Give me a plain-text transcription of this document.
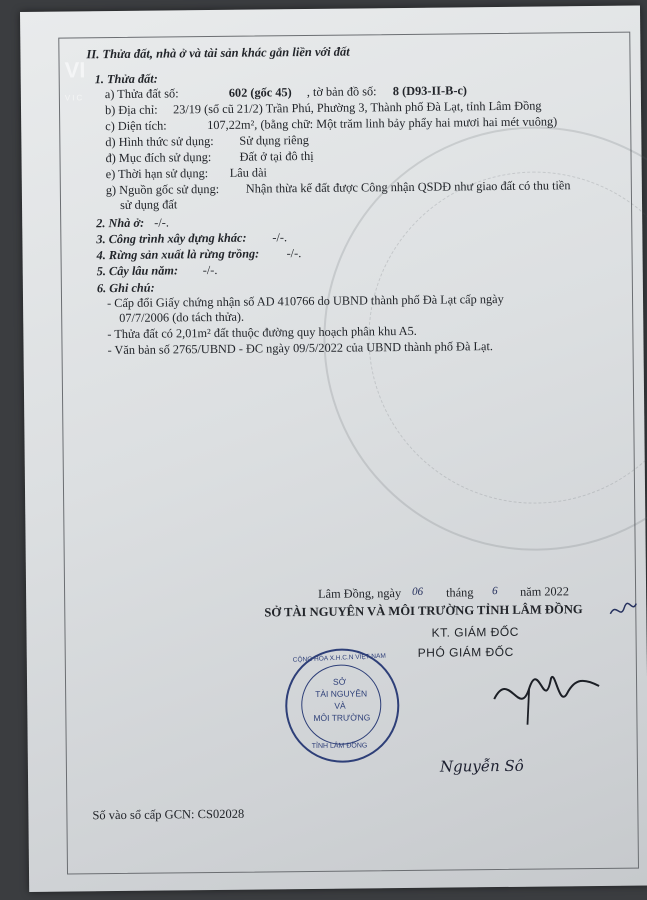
VI
VIC
II. Thửa đất, nhà ở và tài sản khác gắn liền với đất
1. Thửa đất:
a) Thửa đất số:	602 (gốc 45) , tờ bản đồ số: 8 (D93-II-B-c)
b) Địa chỉ: 23/19 (số cũ 21/2) Trần Phú, Phường 3, Thành phố Đà Lạt, tỉnh Lâm Đồng
c) Diện tích:	107,22m², (bằng chữ: Một trăm linh bảy phẩy hai mươi hai mét vuông)
d) Hình thức sử dụng: Sử dụng riêng
đ) Mục đích sử dụng: Đất ở tại đô thị
e) Thời hạn sử dụng: Lâu dài
g) Nguồn gốc sử dụng: Nhận thừa kế đất được Công nhận QSDĐ như giao đất có thu tiền
sử dụng đất
2. Nhà ở: -/-.
3. Công trình xây dựng khác: -/-.
4. Rừng sản xuất là rừng trồng: -/-.
5. Cây lâu năm: -/-.
6. Ghi chú:
- Cấp đổi Giấy chứng nhận số AD 410766 do UBND thành phố Đà Lạt cấp ngày
07/7/2006 (do tách thửa).
- Thửa đất có 2,01m² đất thuộc đường quy hoạch phân khu A5.
- Văn bản số 2765/UBND - ĐC ngày 09/5/2022 của UBND thành phố Đà Lạt.
Lâm Đồng, ngày 06 tháng 6 năm 2022
SỞ TÀI NGUYÊN VÀ MÔI TRƯỜNG TỈNH LÂM ĐỒNG
KT. GIÁM ĐỐC
PHÓ GIÁM ĐỐC
CỘNG HÒA X.H.C.N VIỆT NAM
SỞ
TÀI NGUYÊN
VÀ
MÔI TRƯỜNG
TỈNH LÂM ĐỒNG
Nguyễn Sô
Số vào sổ cấp GCN: CS02028
